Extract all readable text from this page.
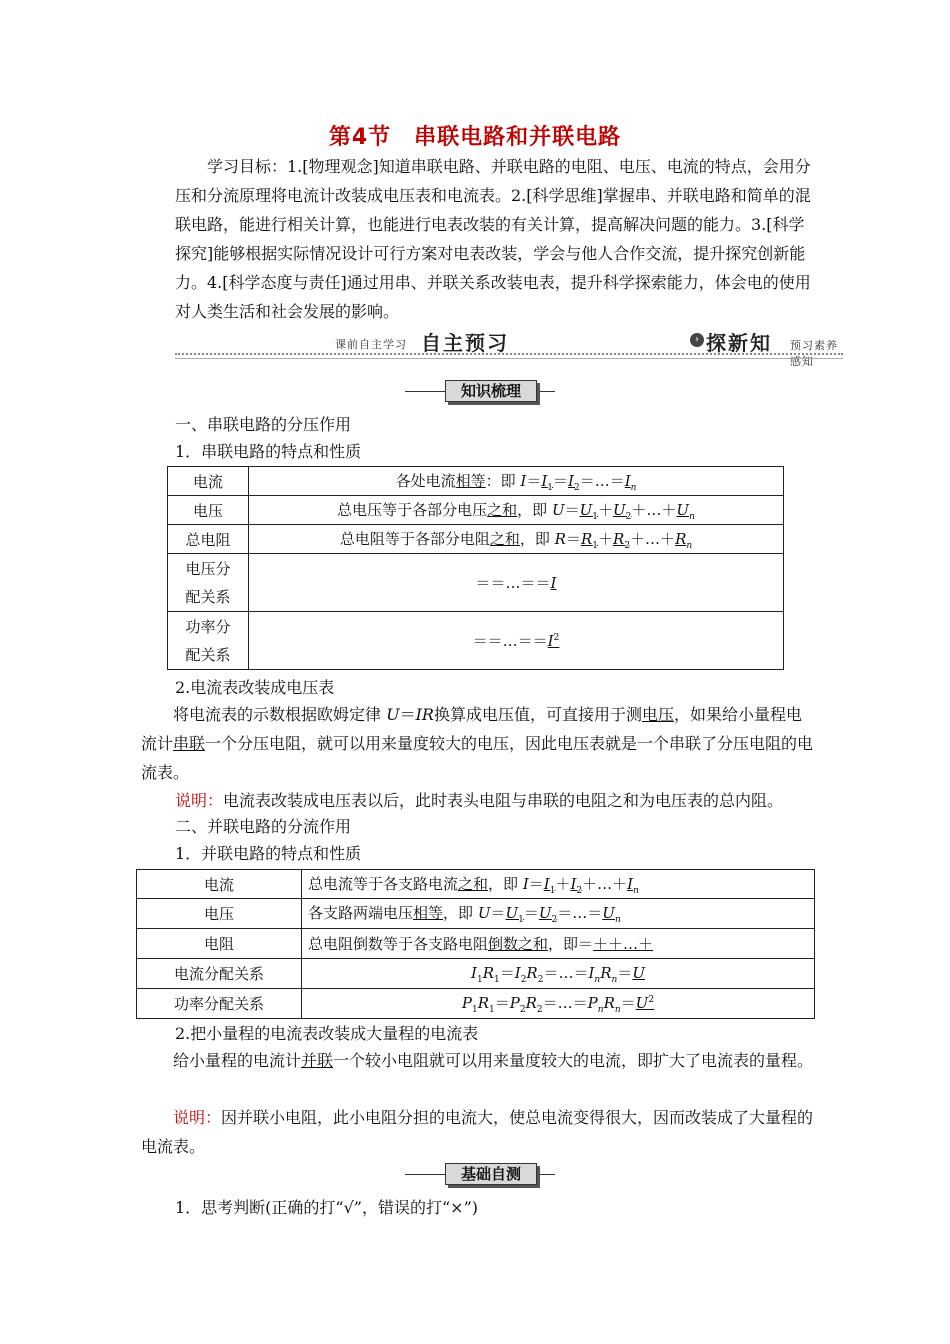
第4节　串联电路和并联电路
学习目标：1.[物理观念]知道串联电路、并联电路的电阻、电压、电流的特点，会用分压和分流原理将电流计改装成电压表和电流表。2.[科学思维]掌握串、并联电路和简单的混联电路，能进行相关计算，也能进行电表改装的有关计算，提高解决问题的能力。3.[科学探究]能够根据实际情况设计可行方案对电表改装，学会与他人合作交流，提升探究创新能力。4.[科学态度与责任]通过用串、并联关系改装电表，提升科学探索能力，体会电的使用对人类生活和社会发展的影响。
课前自主学习 自主预习	› 探新知 预习素养感知
知识梳理
一、串联电路的分压作用
1．串联电路的特点和性质
电流	各处电流相等：即 $I=I_1=I_2=\dots=I_n$
电压	总电压等于各部分电压之和，即 $U=U_1+U_2+\dots+U_n$
总电阻	总电阻等于各部分电阻之和，即 $R=R_1+R_2+\dots+R_n$
电压分
配关系	＝＝…＝＝I
功率分
配关系	$==\dots==I^2$
2.电流表改装成电压表
将电流表的示数根据欧姆定律 U＝IR换算成电压值，可直接用于测电压，如果给小量程电流计串联一个分压电阻，就可以用来量度较大的电压，因此电压表就是一个串联了分压电阻的电流表。
说明：电流表改装成电压表以后，此时表头电阻与串联的电阻之和为电压表的总内阻。
二、并联电路的分流作用
1．并联电路的特点和性质
电流	总电流等于各支路电流之和，即 $I=I_1+I_2+\dots+I_n$
电压	各支路两端电压相等，即 $U=U_1=U_2=\dots=U_n$
电阻	总电阻倒数等于各支路电阻倒数之和，即＝＋＋…＋
电流分配关系	$I_1R_1=I_2R_2=\dots=I_nR_n=U$
功率分配关系	$P_1R_1=P_2R_2=\dots=P_nR_n=U^2$
2.把小量程的电流表改装成大量程的电流表
给小量程的电流计并联一个较小电阻就可以用来量度较大的电流，即扩大了电流表的量程。
说明：因并联小电阻，此小电阻分担的电流大，使总电流变得很大，因而改装成了大量程的电流表。
基础自测
1．思考判断(正确的打“√”，错误的打“×”)
